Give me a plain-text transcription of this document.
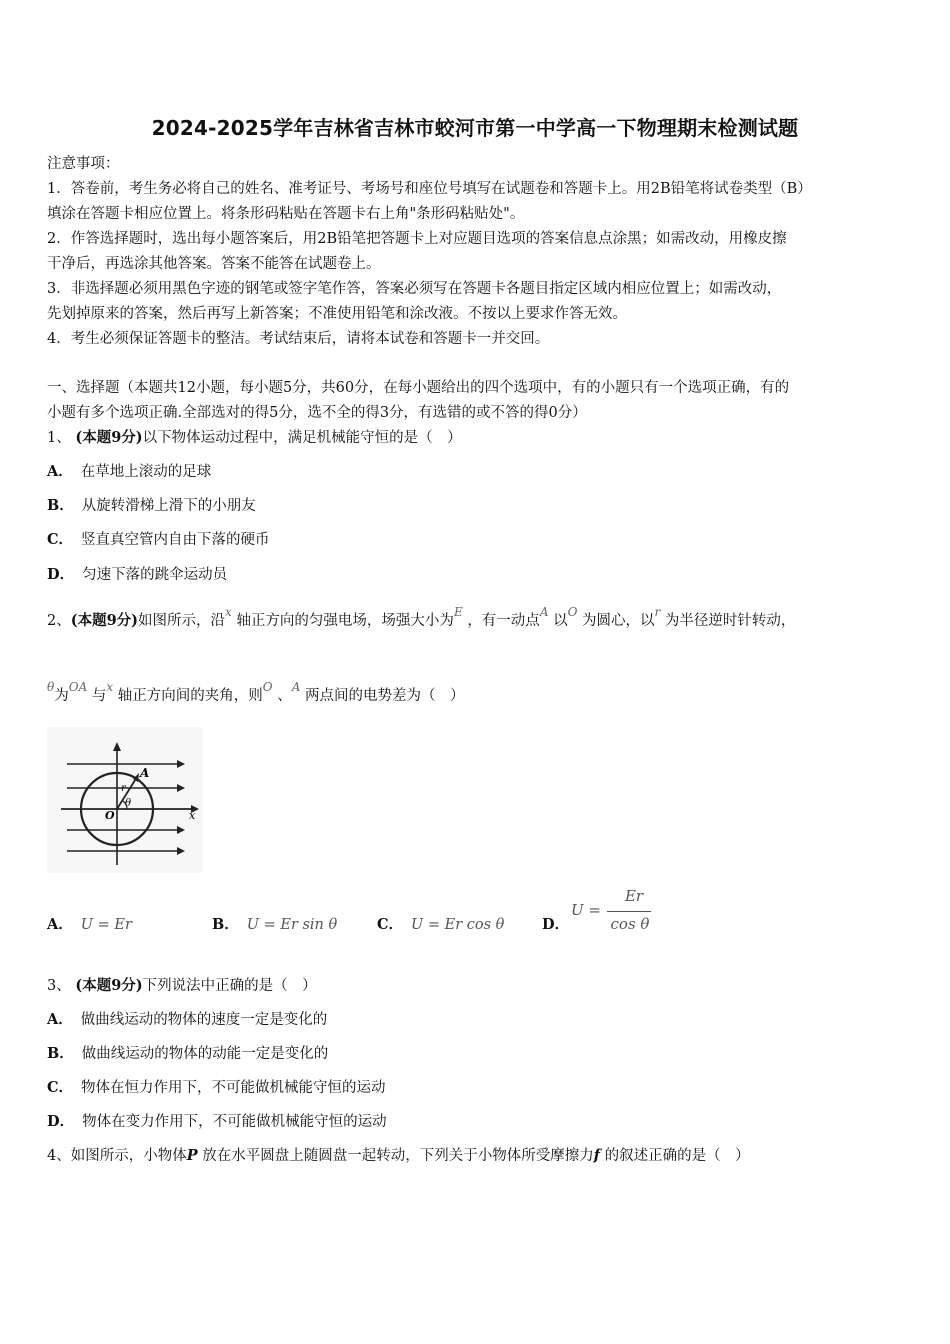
2024-2025学年吉林省吉林市蛟河市第一中学高一下物理期末检测试题
注意事项：
1．答卷前，考生务必将自己的姓名、准考证号、考场号和座位号填写在试题卷和答题卡上。用2B铅笔将试卷类型（B）
填涂在答题卡相应位置上。将条形码粘贴在答题卡右上角"条形码粘贴处"。
2．作答选择题时，选出每小题答案后，用2B铅笔把答题卡上对应题目选项的答案信息点涂黑；如需改动，用橡皮擦
干净后，再选涂其他答案。答案不能答在试题卷上。
3．非选择题必须用黑色字迹的钢笔或签字笔作答，答案必须写在答题卡各题目指定区域内相应位置上；如需改动，
先划掉原来的答案，然后再写上新答案；不准使用铅笔和涂改液。不按以上要求作答无效。
4．考生必须保证答题卡的整洁。考试结束后，请将本试卷和答题卡一并交回。
一、选择题（本题共12小题，每小题5分，共60分，在每小题给出的四个选项中，有的小题只有一个选项正确，有的
小题有多个选项正确.全部选对的得5分，选不全的得3分，有选错的或不答的得0分）
1、 (本题9分)以下物体运动过程中，满足机械能守恒的是（　）
A． 在草地上滚动的足球
B． 从旋转滑梯上滑下的小朋友
C． 竖直真空管内自由下落的硬币
D． 匀速下落的跳伞运动员
2、(本题9分)如图所示，沿$^x$ 轴正方向的匀强电场，场强大小为$^E$ ，有一动点$^A$ 以$^O$ 为圆心，以$^r$ 为半径逆时针转动，
$^\theta$为$^{OA}$ 与$^x$ 轴正方向间的夹角，则$^O$ 、$^A$ 两点间的电势差为（　）
A
r
θ
O	x
A． U = Er	B． U = Er sin θ	C． U = Er cos θ	D．
U =
Er
cos θ
3、 (本题9分)下列说法中正确的是（　）
A． 做曲线运动的物体的速度一定是变化的
B． 做曲线运动的物体的动能一定是变化的
C． 物体在恒力作用下，不可能做机械能守恒的运动
D． 物体在变力作用下，不可能做机械能守恒的运动
4、如图所示，小物体P 放在水平圆盘上随圆盘一起转动，下列关于小物体所受摩擦力f 的叙述正确的是（　）
